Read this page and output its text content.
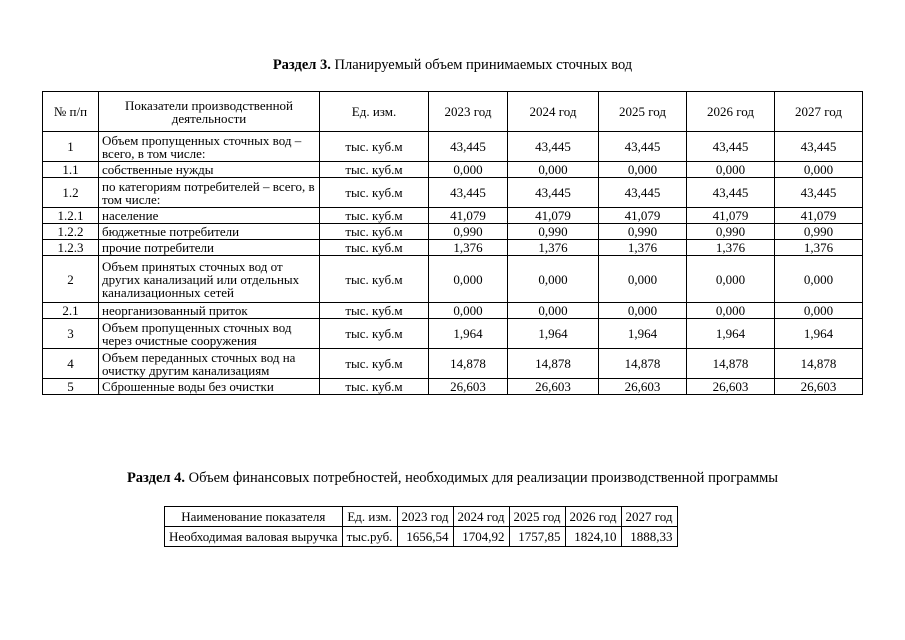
Раздел 3. Планируемый объем принимаемых сточных вод
№ п/п	Показатели производственной деятельности	Ед. изм.	2023 год	2024 год	2025 год	2026 год	2027 год
1	Объем пропущенных сточных вод – всего, в том числе:	тыс. куб.м	43,445	43,445	43,445	43,445	43,445
1.1	собственные нужды	тыс. куб.м	0,000	0,000	0,000	0,000	0,000
1.2	по категориям потребителей – всего, в том числе:	тыс. куб.м	43,445	43,445	43,445	43,445	43,445
1.2.1	население	тыс. куб.м	41,079	41,079	41,079	41,079	41,079
1.2.2	бюджетные потребители	тыс. куб.м	0,990	0,990	0,990	0,990	0,990
1.2.3	прочие потребители	тыс. куб.м	1,376	1,376	1,376	1,376	1,376
2	Объем принятых сточных вод от других канализаций или отдельных канализационных сетей	тыс. куб.м	0,000	0,000	0,000	0,000	0,000
2.1	неорганизованный приток	тыс. куб.м	0,000	0,000	0,000	0,000	0,000
3	Объем пропущенных сточных вод через очистные сооружения	тыс. куб.м	1,964	1,964	1,964	1,964	1,964
4	Объем переданных сточных вод на очистку другим канализациям	тыс. куб.м	14,878	14,878	14,878	14,878	14,878
5	Сброшенные воды без очистки	тыс. куб.м	26,603	26,603	26,603	26,603	26,603
Раздел 4. Объем финансовых потребностей, необходимых для реализации производственной программы
Наименование показателя	Ед. изм.	2023 год	2024 год	2025 год	2026 год	2027 год
Необходимая валовая выручка	тыс.руб.	1656,54	1704,92	1757,85	1824,10	1888,33
